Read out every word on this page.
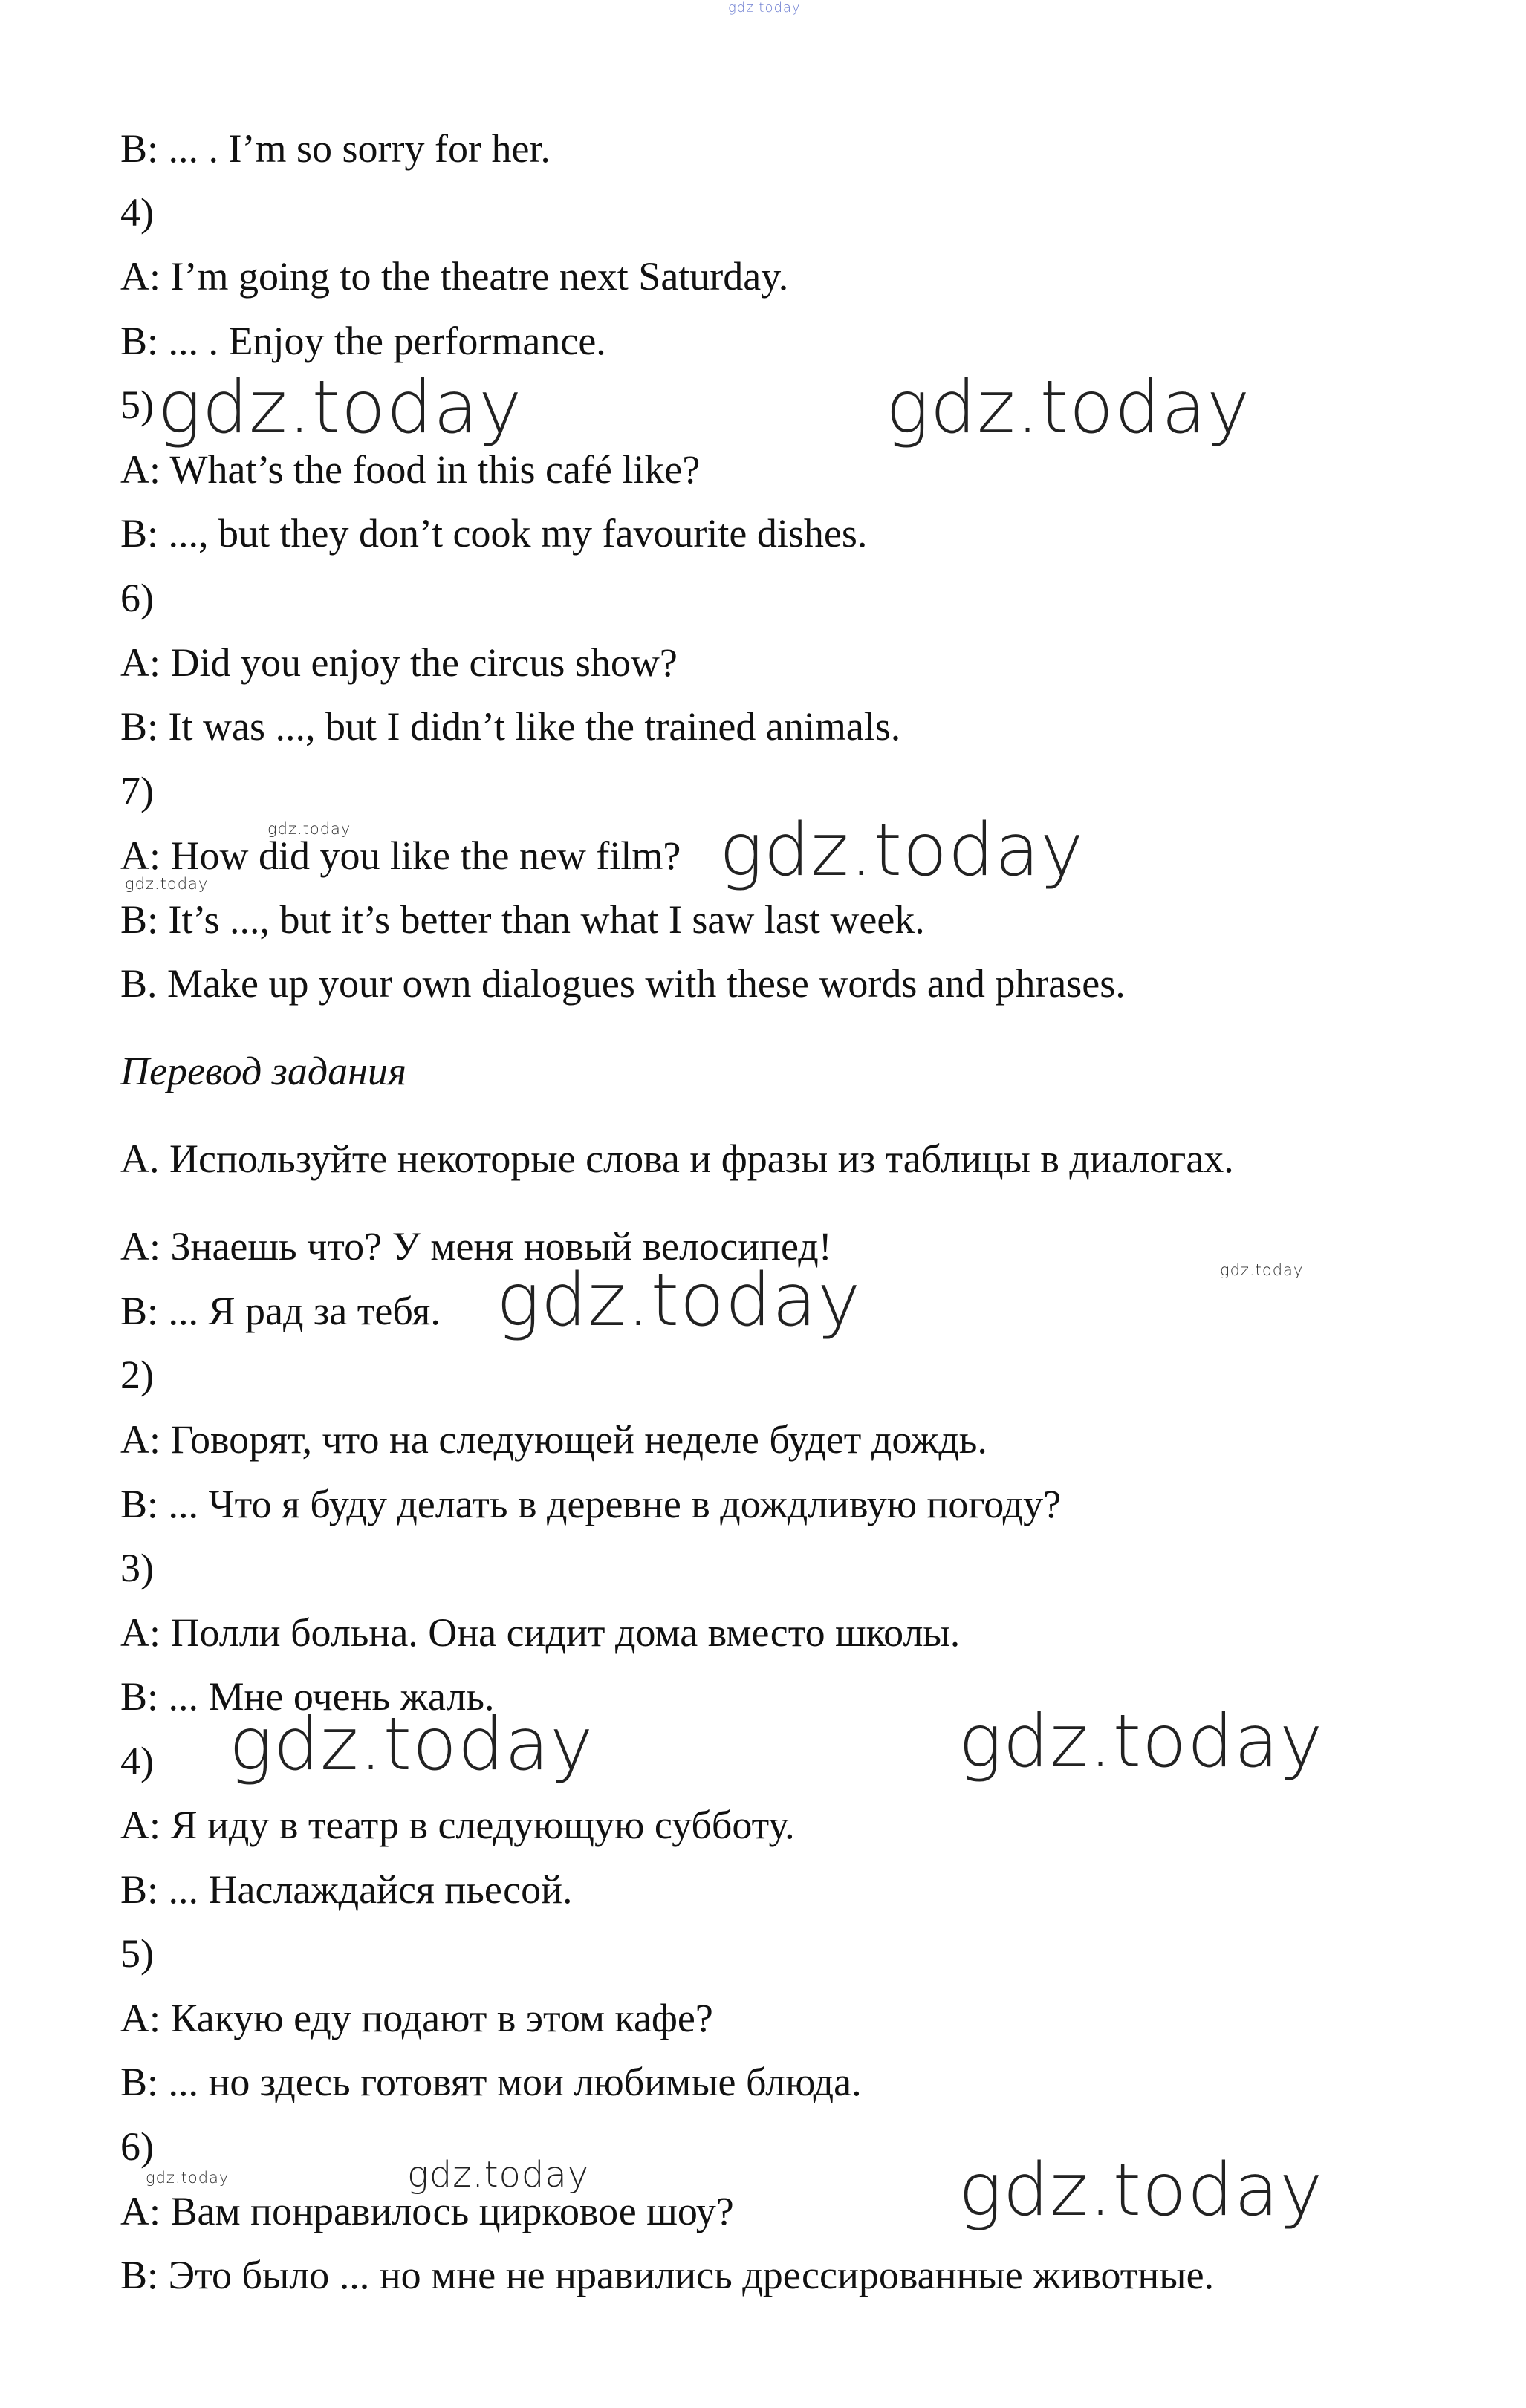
B: ... . I’m so sorry for her.
4)
A: I’m going to the theatre next Saturday.
B: ... . Enjoy the performance.
5)
A: What’s the food in this café like?
B: ..., but they don’t cook my favourite dishes.
6)
A: Did you enjoy the circus show?
B: It was ..., but I didn’t like the trained animals.
7)
A: How did you like the new film?
B: It’s ..., but it’s better than what I saw last week.
B. Make up your own dialogues with these words and phrases.
Перевод задания
A. Используйте некоторые слова и фразы из таблицы в диалогах.
A: Знаешь что? У меня новый велосипед!
B: ... Я рад за тебя.
2)
A: Говорят, что на следующей неделе будет дождь.
B: ... Что я буду делать в деревне в дождливую погоду?
3)
A: Полли больна. Она сидит дома вместо школы.
B: ... Мне очень жаль.
4)
A: Я иду в театр в следующую субботу.
B: ... Наслаждайся пьесой.
5)
A: Какую еду подают в этом кафе?
B: ... но здесь готовят мои любимые блюда.
6)
A: Вам понравилось цирковое шоу?
B: Это было ... но мне не нравились дрессированные животные.
gdz.today
gdz.today	gdz.today
gdz.today
gdz.today	gdz.today
gdz.today
gdz.today
gdz.today	gdz.today
gdz.today	gdz.today	gdz.today
